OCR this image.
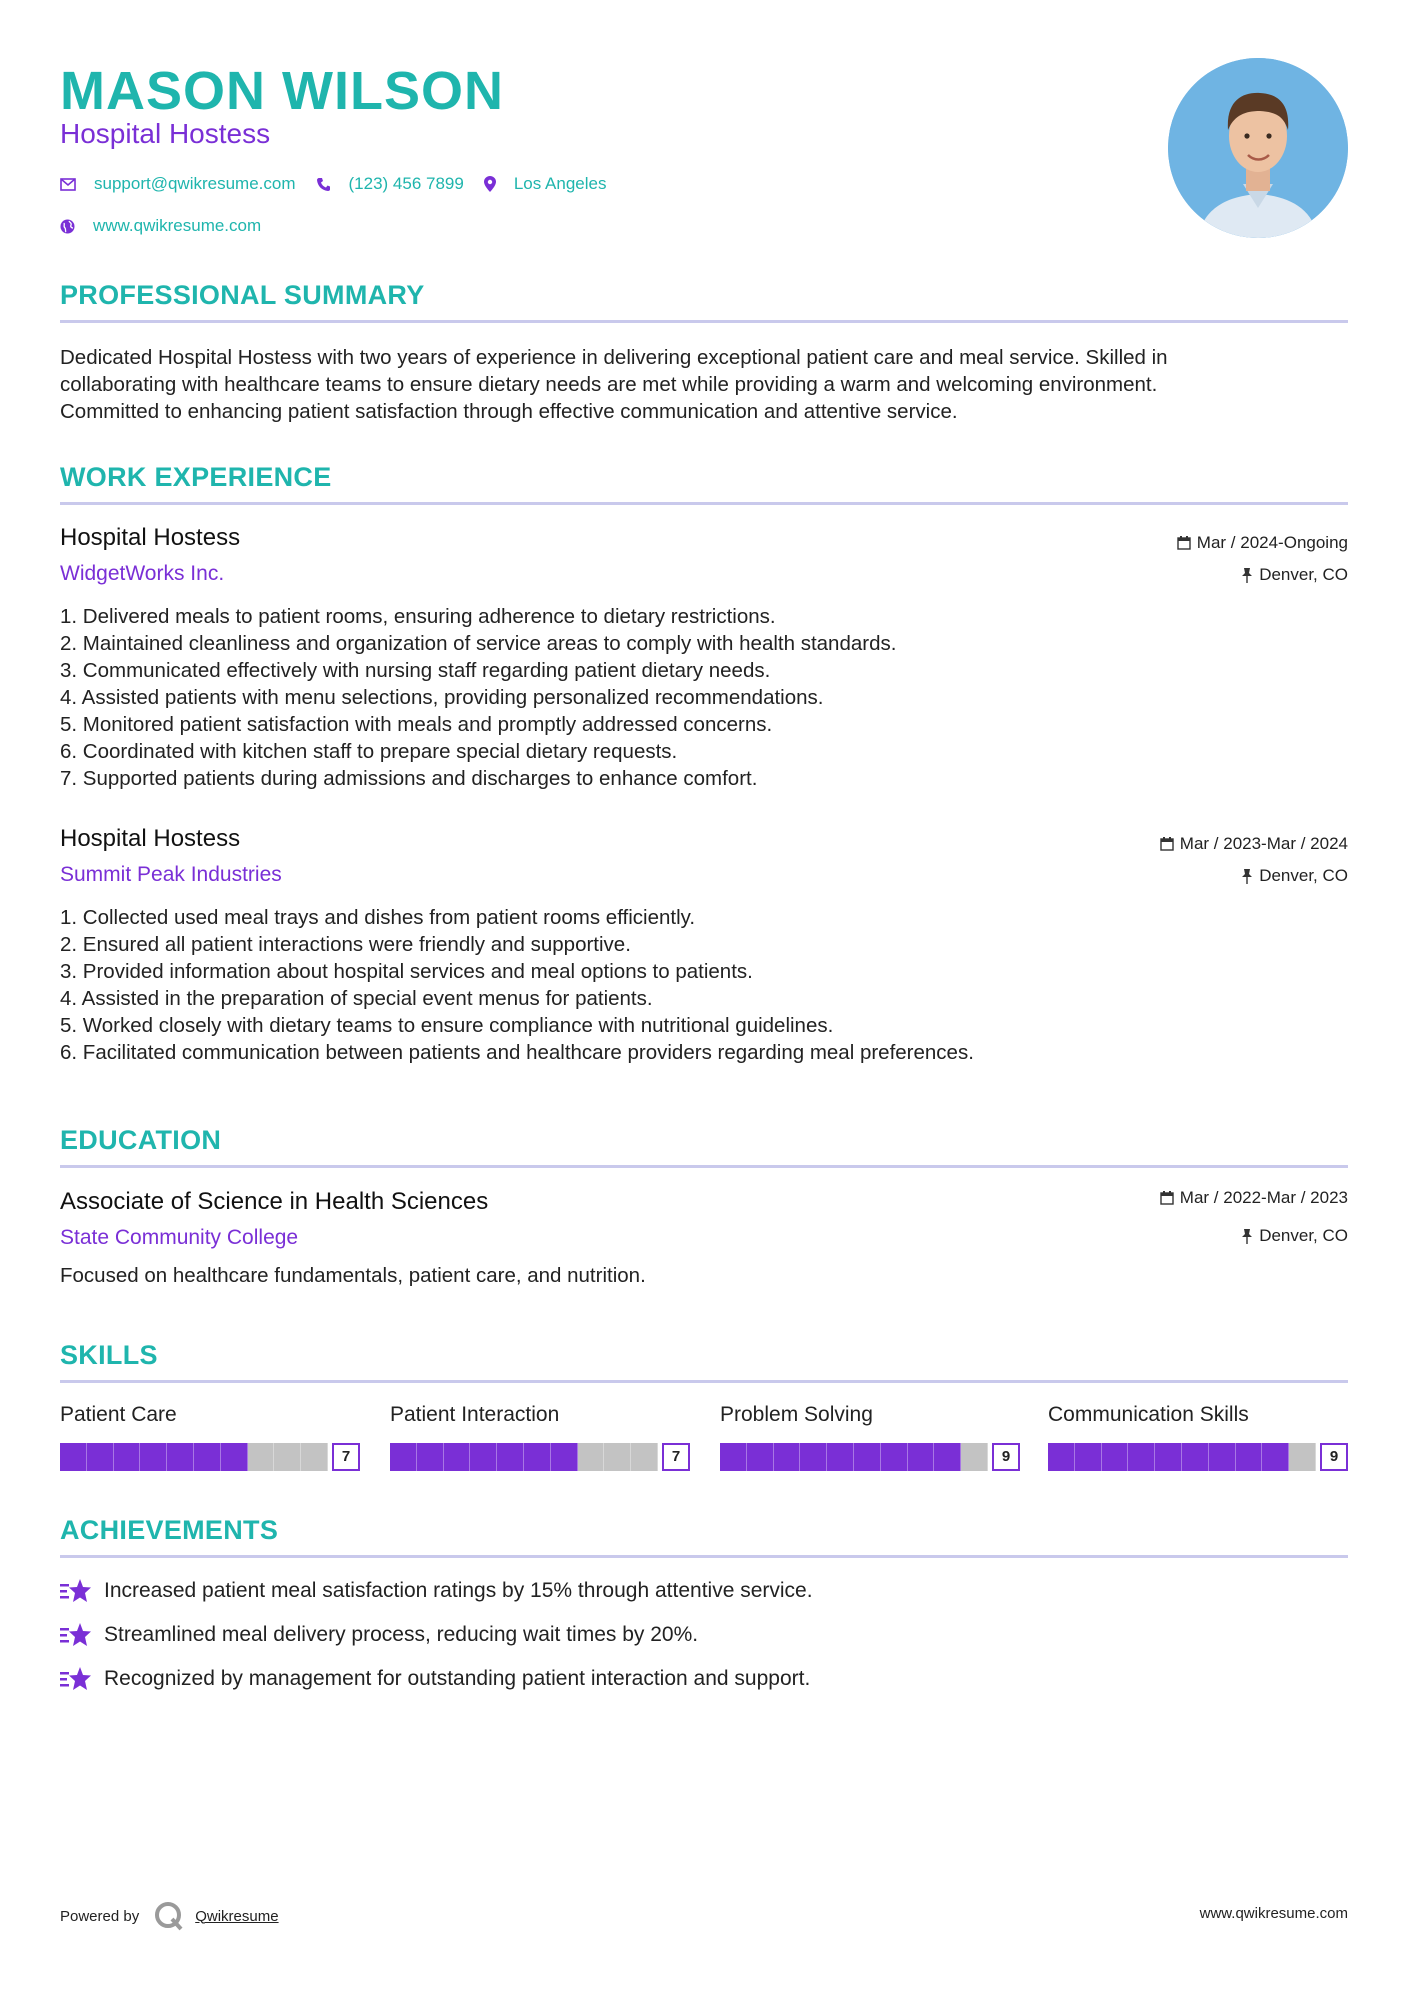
MASON WILSON
Hospital Hostess
support@qwikresume.com	(123) 456 7899	Los Angeles
www.qwikresume.com
PROFESSIONAL SUMMARY
Dedicated Hospital Hostess with two years of experience in delivering exceptional patient care and meal service. Skilled in
collaborating with healthcare teams to ensure dietary needs are met while providing a warm and welcoming environment.
Committed to enhancing patient satisfaction through effective communication and attentive service.
WORK EXPERIENCE
Hospital Hostess
WidgetWorks Inc.
Mar / 2024-Ongoing
Denver, CO
1. Delivered meals to patient rooms, ensuring adherence to dietary restrictions.
2. Maintained cleanliness and organization of service areas to comply with health standards.
3. Communicated effectively with nursing staff regarding patient dietary needs.
4. Assisted patients with menu selections, providing personalized recommendations.
5. Monitored patient satisfaction with meals and promptly addressed concerns.
6. Coordinated with kitchen staff to prepare special dietary requests.
7. Supported patients during admissions and discharges to enhance comfort.
Hospital Hostess
Summit Peak Industries
Mar / 2023-Mar / 2024
Denver, CO
1. Collected used meal trays and dishes from patient rooms efficiently.
2. Ensured all patient interactions were friendly and supportive.
3. Provided information about hospital services and meal options to patients.
4. Assisted in the preparation of special event menus for patients.
5. Worked closely with dietary teams to ensure compliance with nutritional guidelines.
6. Facilitated communication between patients and healthcare providers regarding meal preferences.
EDUCATION
Associate of Science in Health Sciences
State Community College
Mar / 2022-Mar / 2023
Denver, CO
Focused on healthcare fundamentals, patient care, and nutrition.
SKILLS
Patient Care
7
Patient Interaction
7
Problem Solving
9
Communication Skills
9
ACHIEVEMENTS
Increased patient meal satisfaction ratings by 15% through attentive service.
Streamlined meal delivery process, reducing wait times by 20%.
Recognized by management for outstanding patient interaction and support.
Powered by	Qwikresume	www.qwikresume.com
